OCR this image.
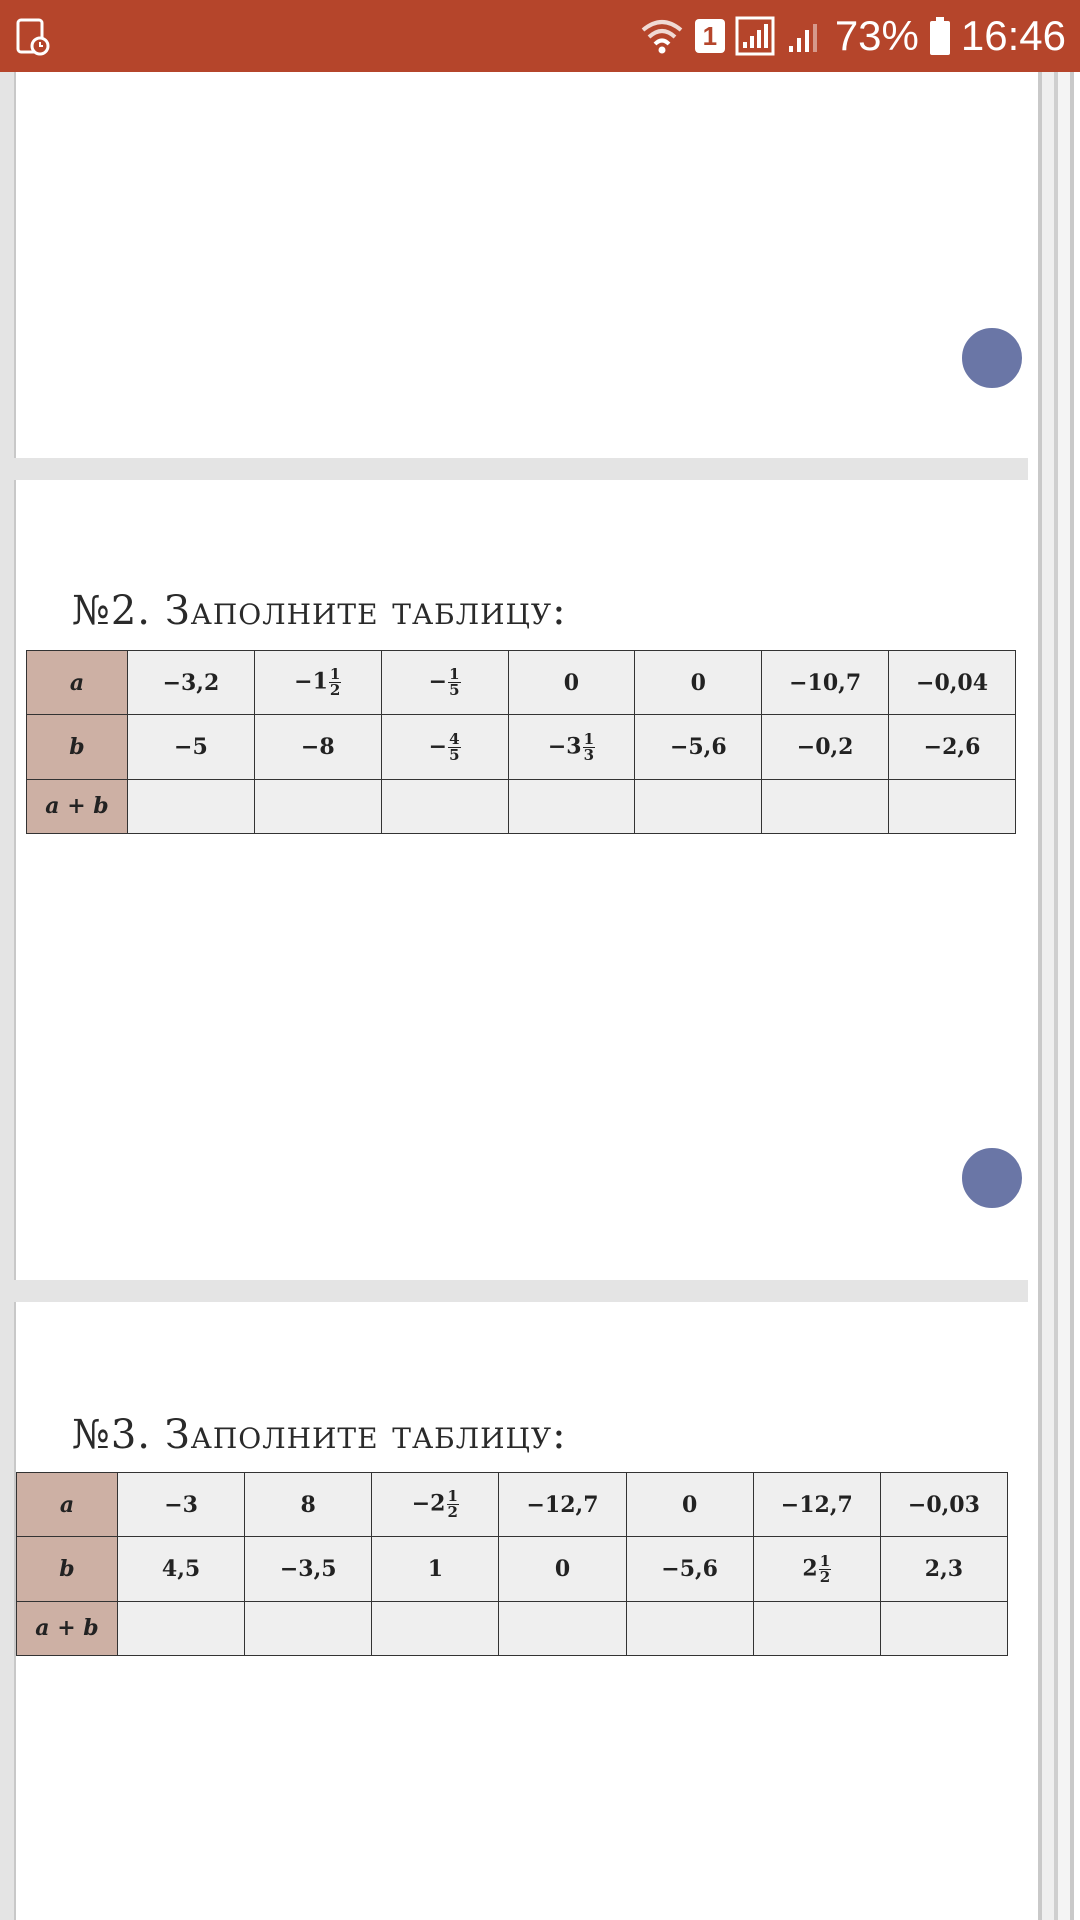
1	73% 16:46
№2. Заполните таблицу:
a	−3,2	$-1 \frac{1}{2}$	− $\frac{1}{5}$	0	0	−10,7	−0,04
b	−5	−8	− $\frac{4}{5}$	$-3 \frac{1}{3}$	−5,6	−0,2	−2,6
a + b							
№3. Заполните таблицу:
a	−3	8	$-2 \frac{1}{2}$	−12,7	0	−12,7	−0,03
b	4,5	−3,5	1	0	−5,6	$2 \frac{1}{2}$	2,3
a + b							
